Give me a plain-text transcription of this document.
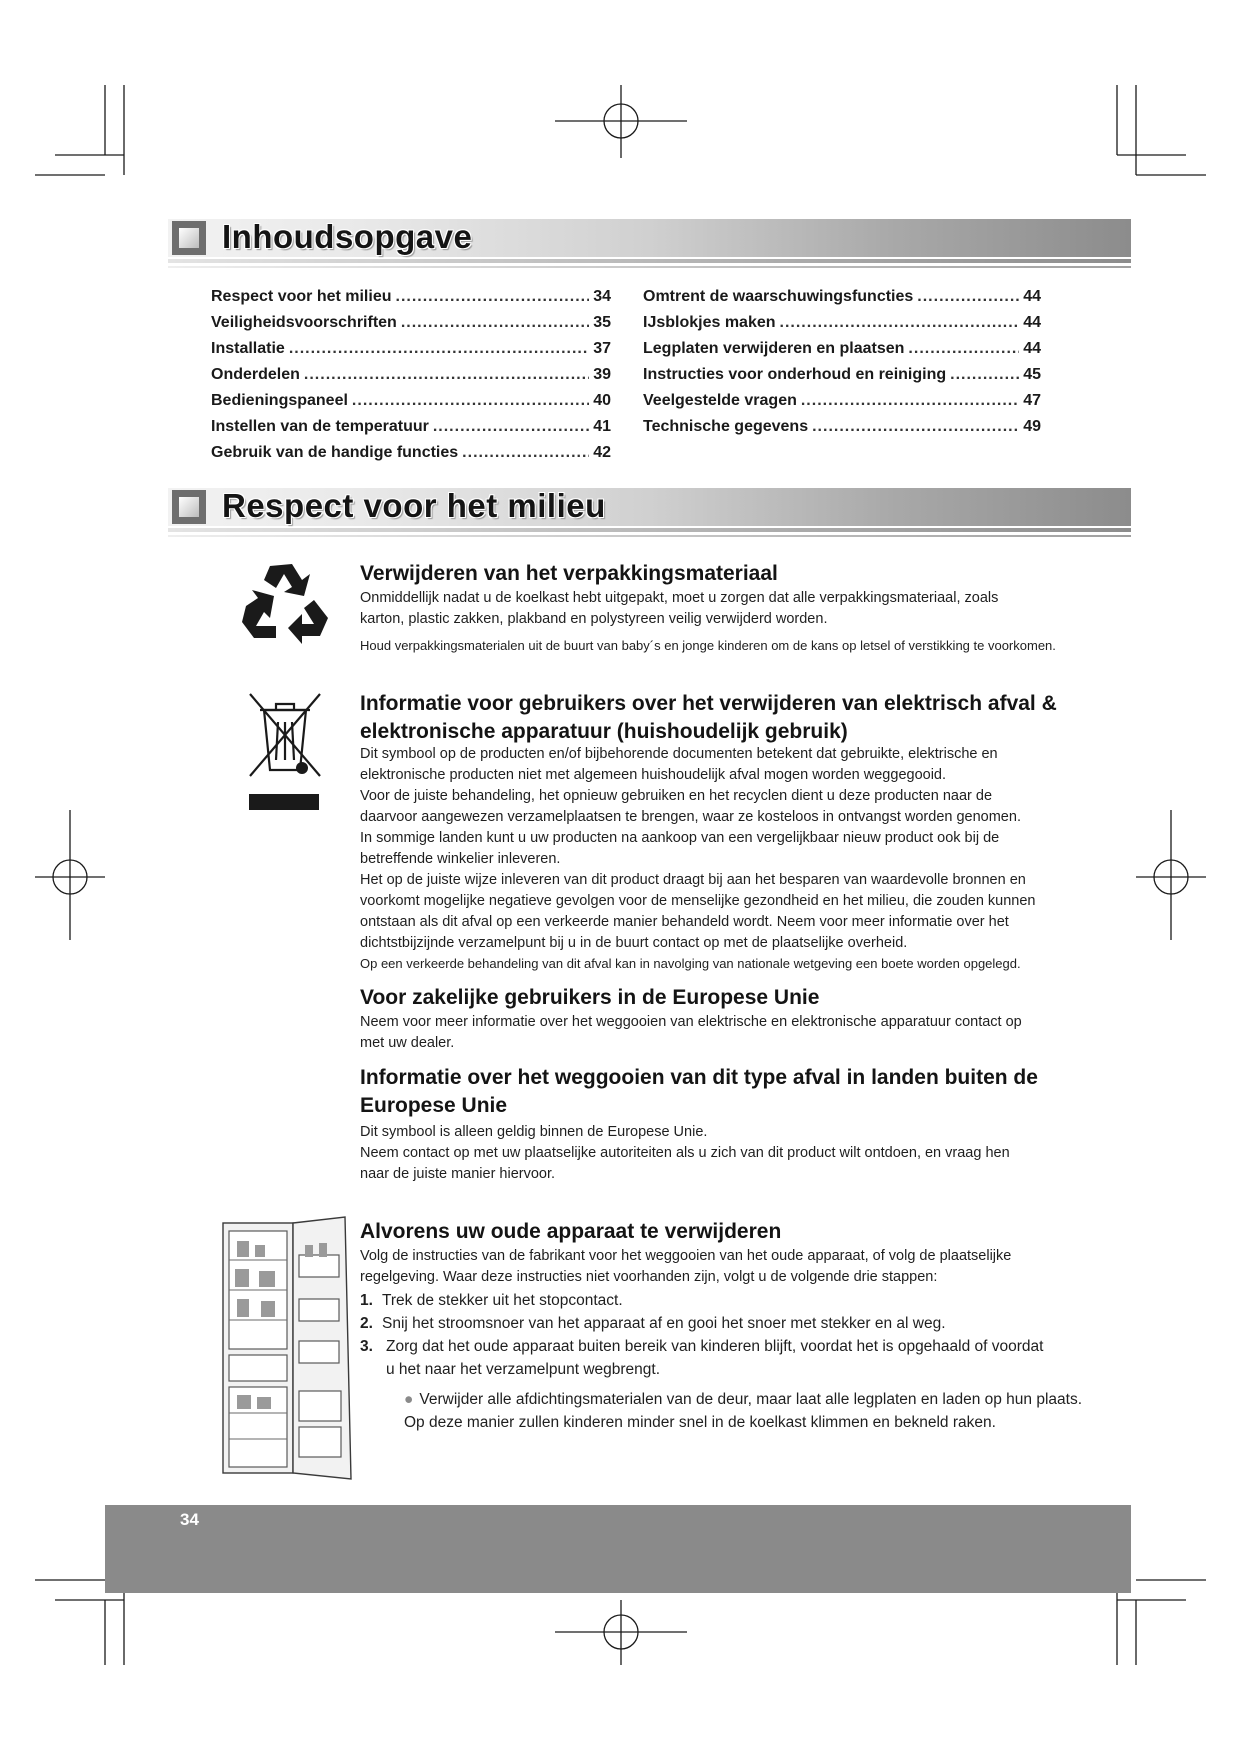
Inhoudsopgave
Respect voor het milieu .....	34
Veiligheidsvoorschriften .....	35
Installatie .....	37
Onderdelen .....	39
Bedieningspaneel .....	40
Instellen van de temperatuur .....	41
Gebruik van de handige functies .....	42
Omtrent de waarschuwingsfuncties .....	44
IJsblokjes maken .....	44
Legplaten verwijderen en plaatsen .....	44
Instructies voor onderhoud en reiniging .....	45
Veelgestelde vragen .....	47
Technische gegevens .....	49
Respect voor het milieu
Verwijderen van het verpakkingsmateriaal
Onmiddellijk nadat u de koelkast hebt uitgepakt, moet u zorgen dat alle verpakkingsmateriaal, zoals
karton, plastic zakken, plakband en polystyreen veilig verwijderd worden.
Houd verpakkingsmaterialen uit de buurt van baby´s en jonge kinderen om de kans op letsel of verstikking te voorkomen.
Informatie voor gebruikers over het verwijderen van elektrisch afval &
elektronische apparatuur (huishoudelijk gebruik)
Dit symbool op de producten en/of bijbehorende documenten betekent dat gebruikte, elektrische en
elektronische producten niet met algemeen huishoudelijk afval mogen worden weggegooid.
Voor de juiste behandeling, het opnieuw gebruiken en het recyclen dient u deze producten naar de
daarvoor aangewezen verzamelplaatsen te brengen, waar ze kosteloos in ontvangst worden genomen.
In sommige landen kunt u uw producten na aankoop van een vergelijkbaar nieuw product ook bij de
betreffende winkelier inleveren.
Het op de juiste wijze inleveren van dit product draagt bij aan het besparen van waardevolle bronnen en
voorkomt mogelijke negatieve gevolgen voor de menselijke gezondheid en het milieu, die zouden kunnen
ontstaan als dit afval op een verkeerde manier behandeld wordt. Neem voor meer informatie over het
dichtstbijzijnde verzamelpunt bij u in de buurt contact op met de plaatselijke overheid.
Op een verkeerde behandeling van dit afval kan in navolging van nationale wetgeving een boete worden opgelegd.
Voor zakelijke gebruikers in de Europese Unie
Neem voor meer informatie over het weggooien van elektrische en elektronische apparatuur contact op
met uw dealer.
Informatie over het weggooien van dit type afval in landen buiten de
Europese Unie
Dit symbool is alleen geldig binnen de Europese Unie.
Neem contact op met uw plaatselijke autoriteiten als u zich van dit product wilt ontdoen, en vraag hen
naar de juiste manier hiervoor.
Alvorens uw oude apparaat te verwijderen
Volg de instructies van de fabrikant voor het weggooien van het oude apparaat, of volg de plaatselijke
regelgeving. Waar deze instructies niet voorhanden zijn, volgt u de volgende drie stappen:
1. Trek de stekker uit het stopcontact.
2. Snij het stroomsnoer van het apparaat af en gooi het snoer met stekker en al weg.
3. Zorg dat het oude apparaat buiten bereik van kinderen blijft, voordat het is opgehaald of voordat
u het naar het verzamelpunt wegbrengt.
● Verwijder alle afdichtingsmaterialen van de deur, maar laat alle legplaten en laden op hun plaats.
Op deze manier zullen kinderen minder snel in de koelkast klimmen en bekneld raken.
34
